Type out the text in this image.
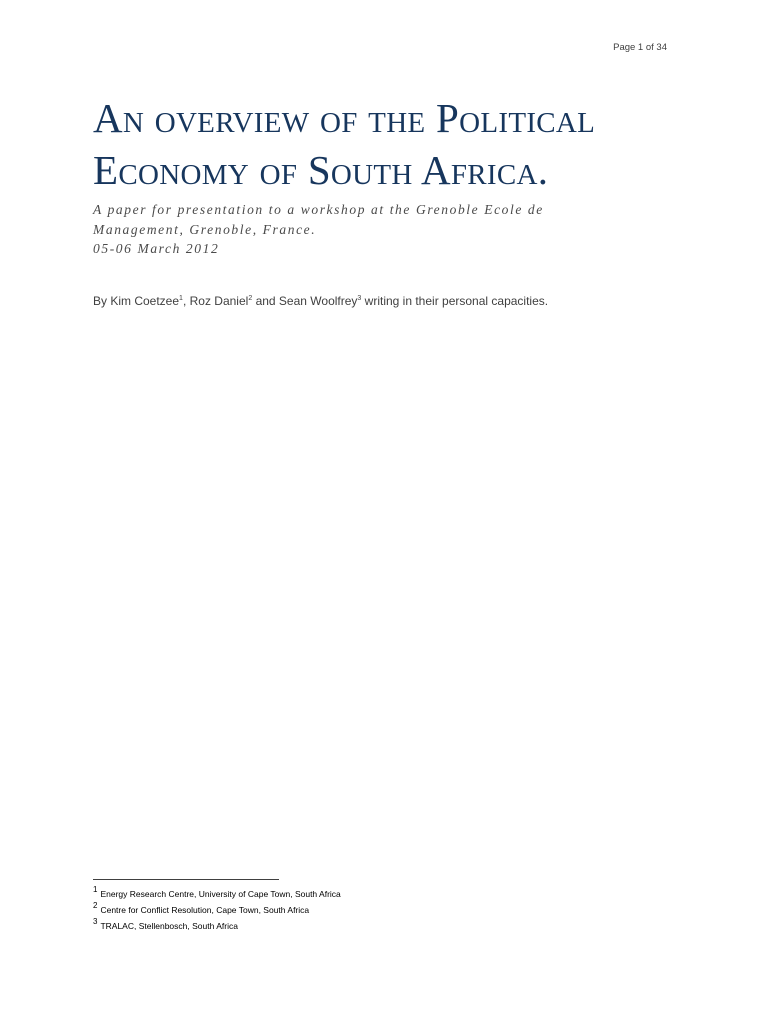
Page 1 of 34
An overview of the Political
Economy of South Africa.
A paper for presentation to a workshop at the Grenoble Ecole de
Management, Grenoble, France.
05-06 March 2012
By Kim Coetzee$^1$, Roz Daniel$^2$ and Sean Woolfrey$^3$ writing in their personal capacities.
$^1$ Energy Research Centre, University of Cape Town, South Africa
$^2$ Centre for Conflict Resolution, Cape Town, South Africa
$^3$ TRALAC, Stellenbosch, South Africa
